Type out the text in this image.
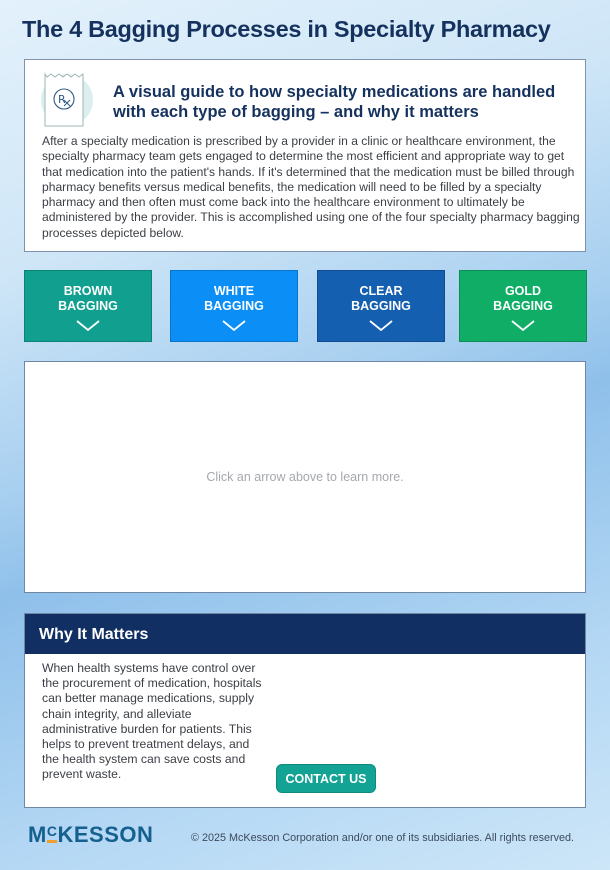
The 4 Bagging Processes in Specialty Pharmacy
R	A visual guide to how specialty medications are handled with each type of bagging – and why it matters

After a specialty medication is prescribed by a provider in a clinic or healthcare environment, the specialty pharmacy team gets engaged to determine the most efficient and appropriate way to get that medication into the patient's hands. If it's determined that the medication must be billed through pharmacy benefits versus medical benefits, the medication will need to be filled by a specialty pharmacy and then often must come back into the healthcare environment to ultimately be administered by the provider. This is accomplished using one of the four specialty pharmacy bagging processes depicted below.

BROWN
BAGGING
WHITE
BAGGING
CLEAR
BAGGING
GOLD
BAGGING

Click an arrow above to learn more.

Why It Matters

When health systems have control over the procurement of medication, hospitals can better manage medications, supply chain integrity, and alleviate administrative burden for patients. This helps to prevent treatment delays, and the health system can save costs and prevent waste.	CONTACT US
MCKESSON	© 2025 McKesson Corporation and/or one of its subsidiaries. All rights reserved.
